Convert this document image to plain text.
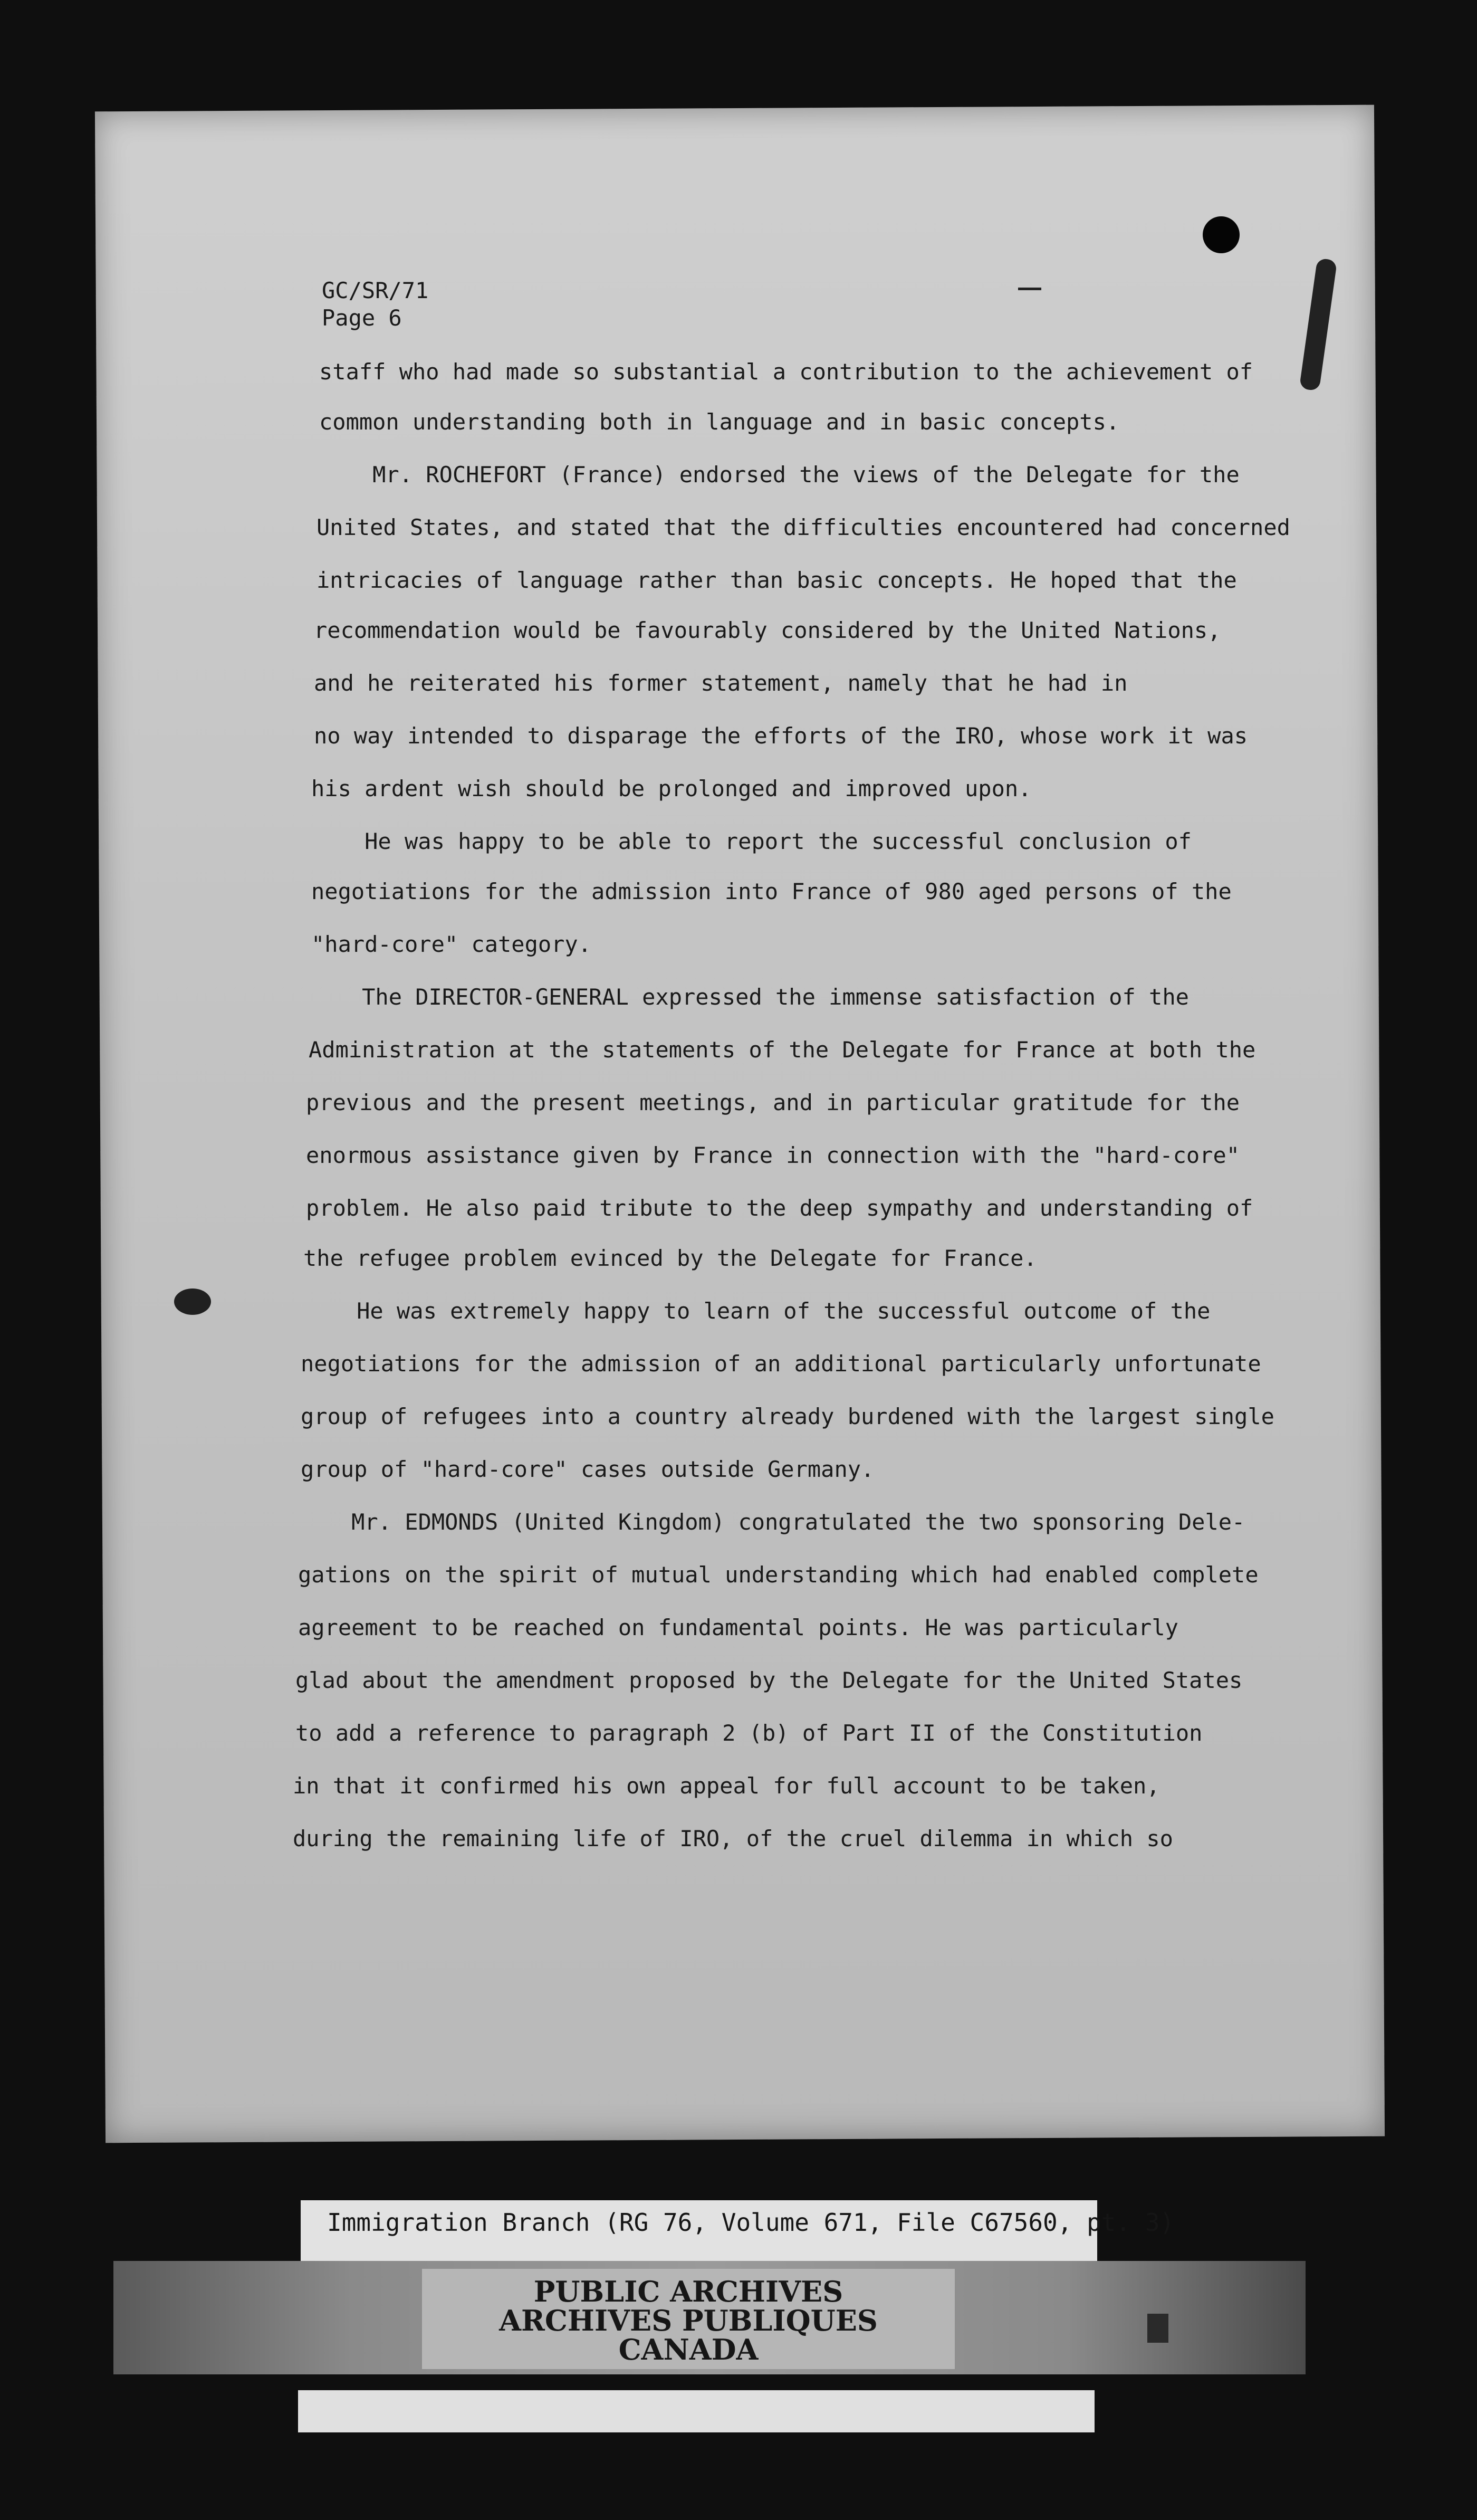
GC/SR/71
Page 6
staff who had made so substantial a contribution to the achievement of
common understanding both in language and in basic concepts.
Mr. ROCHEFORT (France) endorsed the views of the Delegate for the
United States, and stated that the difficulties encountered had concerned
intricacies of language rather than basic concepts. He hoped that the
recommendation would be favourably considered by the United Nations,
and he reiterated his former statement, namely that he had in
no way intended to disparage the efforts of the IRO, whose work it was
his ardent wish should be prolonged and improved upon.
He was happy to be able to report the successful conclusion of
negotiations for the admission into France of 980 aged persons of the
"hard-core" category.
The DIRECTOR-GENERAL expressed the immense satisfaction of the
Administration at the statements of the Delegate for France at both the
previous and the present meetings, and in particular gratitude for the
enormous assistance given by France in connection with the "hard-core"
problem. He also paid tribute to the deep sympathy and understanding of
the refugee problem evinced by the Delegate for France.
He was extremely happy to learn of the successful outcome of the
negotiations for the admission of an additional particularly unfortunate
group of refugees into a country already burdened with the largest single
group of "hard-core" cases outside Germany.
Mr. EDMONDS (United Kingdom) congratulated the two sponsoring Dele-
gations on the spirit of mutual understanding which had enabled complete
agreement to be reached on fundamental points. He was particularly
glad about the amendment proposed by the Delegate for the United States
to add a reference to paragraph 2 (b) of Part II of the Constitution
in that it confirmed his own appeal for full account to be taken,
during the remaining life of IRO, of the cruel dilemma in which so
Immigration Branch (RG 76, Volume 671, File C67560, pt. 3)
PUBLIC ARCHIVES
ARCHIVES PUBLIQUES
CANADA
